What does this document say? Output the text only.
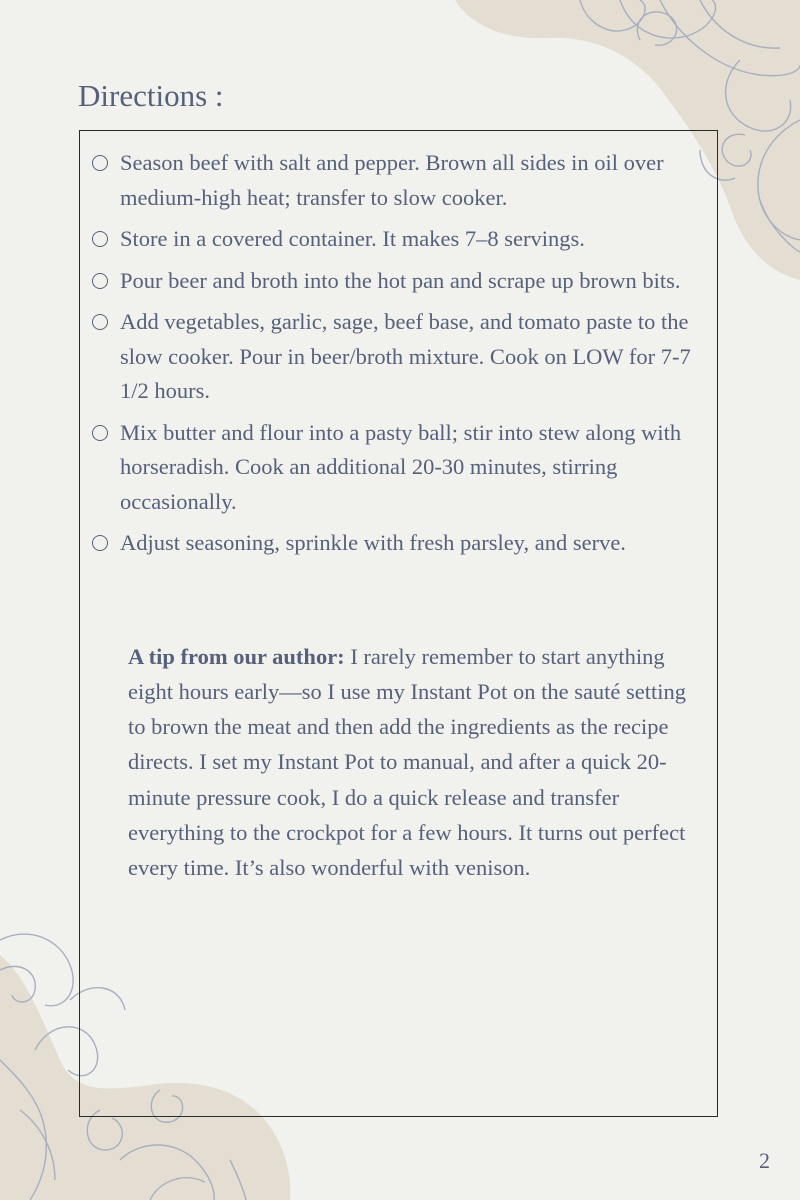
Directions :
Season beef with salt and pepper. Brown all sides in oil over medium-high heat; transfer to slow cooker.
Store in a covered container. It makes 7–8 servings.
Pour beer and broth into the hot pan and scrape up brown bits.
Add vegetables, garlic, sage, beef base, and tomato paste to the slow cooker. Pour in beer/broth mixture. Cook on LOW for 7-7  1/2 hours.
Mix butter and flour into a pasty ball; stir into stew along with horseradish. Cook an additional 20-30 minutes, stirring occasionally.
Adjust seasoning, sprinkle with fresh parsley, and serve.

A tip from our author: I rarely remember to start anything eight hours early—so I use my Instant Pot on the sauté setting to brown the meat and then add the ingredients as the recipe directs. I set my Instant Pot to manual, and after a quick 20-minute pressure cook, I do a quick release and transfer everything to the crockpot for a few hours. It turns out perfect every time. It’s also wonderful with venison.

2
